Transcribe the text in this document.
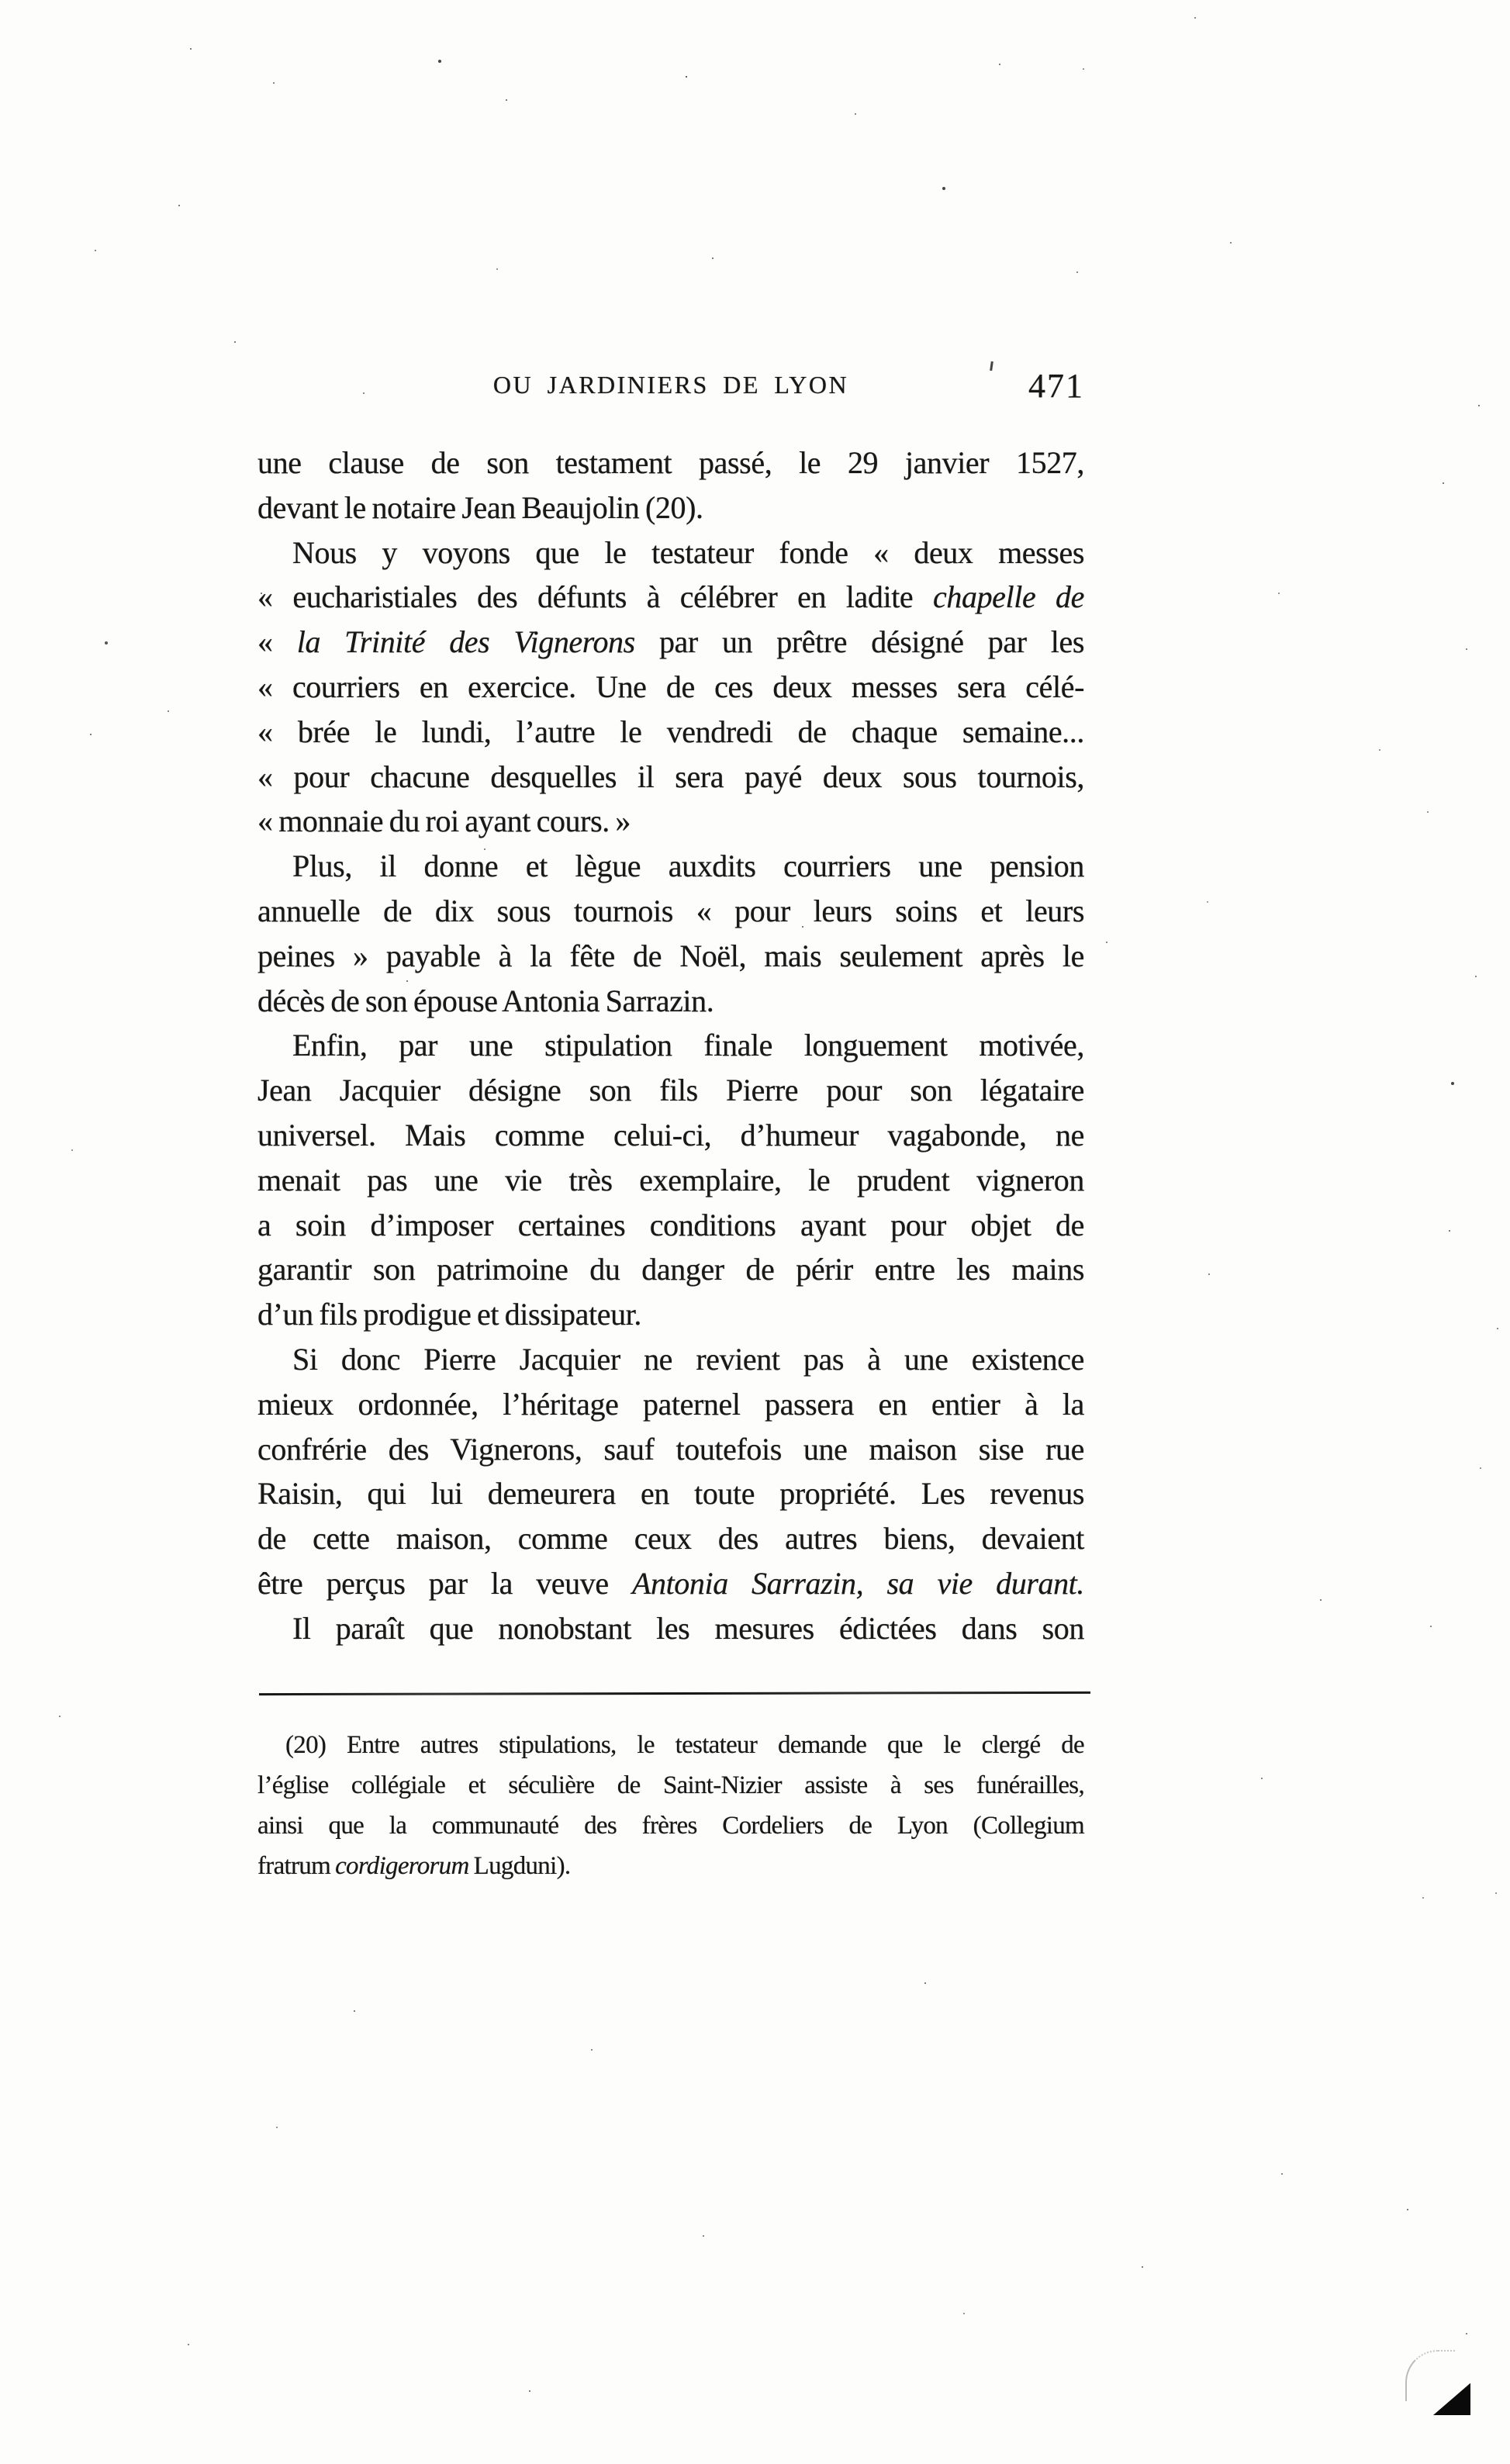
OU JARDINIERS DE LYON	471
une clause de son testament passé, le 29 janvier 1527,
devant le notaire Jean Beaujolin (20).
Nous y voyons que le testateur fonde « deux messes
« eucharistiales des défunts à célébrer en ladite chapelle de
« la Trinité des Vignerons par un prêtre désigné par les
« courriers en exercice. Une de ces deux messes sera célé-
« brée le lundi, l’autre le vendredi de chaque semaine...
« pour chacune desquelles il sera payé deux sous tournois,
« monnaie du roi ayant cours. »
Plus, il donne et lègue auxdits courriers une pension
annuelle de dix sous tournois « pour leurs soins et leurs
peines » payable à la fête de Noël, mais seulement après le
décès de son épouse Antonia Sarrazin.
Enfin, par une stipulation finale longuement motivée,
Jean Jacquier désigne son fils Pierre pour son légataire
universel. Mais comme celui-ci, d’humeur vagabonde, ne
menait pas une vie très exemplaire, le prudent vigneron
a soin d’imposer certaines conditions ayant pour objet de
garantir son patrimoine du danger de périr entre les mains
d’un fils prodigue et dissipateur.
Si donc Pierre Jacquier ne revient pas à une existence
mieux ordonnée, l’héritage paternel passera en entier à la
confrérie des Vignerons, sauf toutefois une maison sise rue
Raisin, qui lui demeurera en toute propriété. Les revenus
de cette maison, comme ceux des autres biens, devaient
être perçus par la veuve Antonia Sarrazin, sa vie durant.
Il paraît que nonobstant les mesures édictées dans son
(20) Entre autres stipulations, le testateur demande que le clergé de
l’église collégiale et séculière de Saint-Nizier assiste à ses funérailles,
ainsi que la communauté des frères Cordeliers de Lyon (Collegium
fratrum cordigerorum Lugduni).
